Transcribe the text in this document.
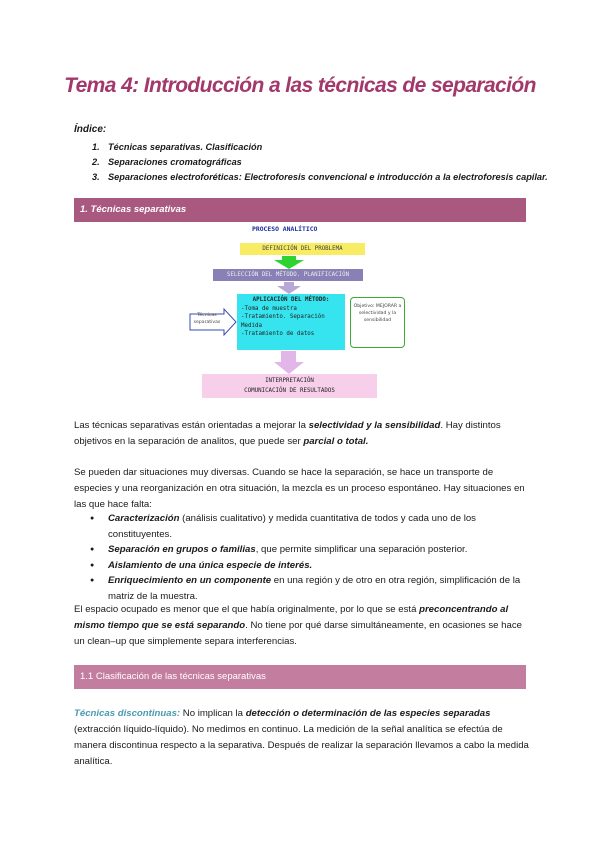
Tema 4: Introducción a las técnicas de separación
Índice:
1. Técnicas separativas. Clasificación
2. Separaciones cromatográficas
3. Separaciones electroforéticas: Electroforesis convencional e introducción a la electroforesis capilar.
1. Técnicas separativas
PROCESO ANALÍTICO
DEFINICIÓN DEL PROBLEMA
SELECCIÓN DEL MÉTODO. PLANIFICACIÓN
APLICACIÓN DEL MÉTODO:
-Toma de muestra
-Tratamiento. Separación
Medida
-Tratamiento de datos
Técnicas separativas
Objetivo: MEJORAR a selectividad y la sensibilidad
INTERPRETACIÓN
COMUNICACIÓN DE RESULTADOS

Las técnicas separativas están orientadas a mejorar la selectividad y la sensibilidad. Hay distintos objetivos en la separación de analitos, que puede ser parcial o total.

Se pueden dar situaciones muy diversas. Cuando se hace la separación, se hace un transporte de especies y una reorganización en otra situación, la mezcla es un proceso espontáneo. Hay situaciones en las que hace falta:

● Caracterización (análisis cualitativo) y medida cuantitativa de todos y cada uno de los constituyentes.
● Separación en grupos o familias, que permite simplificar una separación posterior.
● Aislamiento de una única especie de interés.
● Enriquecimiento en un componente en una región y de otro en otra región, simplificación de la matriz de la muestra.

El espacio ocupado es menor que el que había originalmente, por lo que se está preconcentrando al mismo tiempo que se está separando. No tiene por qué darse simultáneamente, en ocasiones se hace un clean–up que simplemente separa interferencias.

1.1 Clasificación de las técnicas separativas

Técnicas discontinuas: No implican la detección o determinación de las especies separadas (extracción líquido-líquido). No medimos en continuo. La medición de la señal analítica se efectúa de manera discontinua respecto a la separativa. Después de realizar la separación llevamos a cabo la medida analítica.
